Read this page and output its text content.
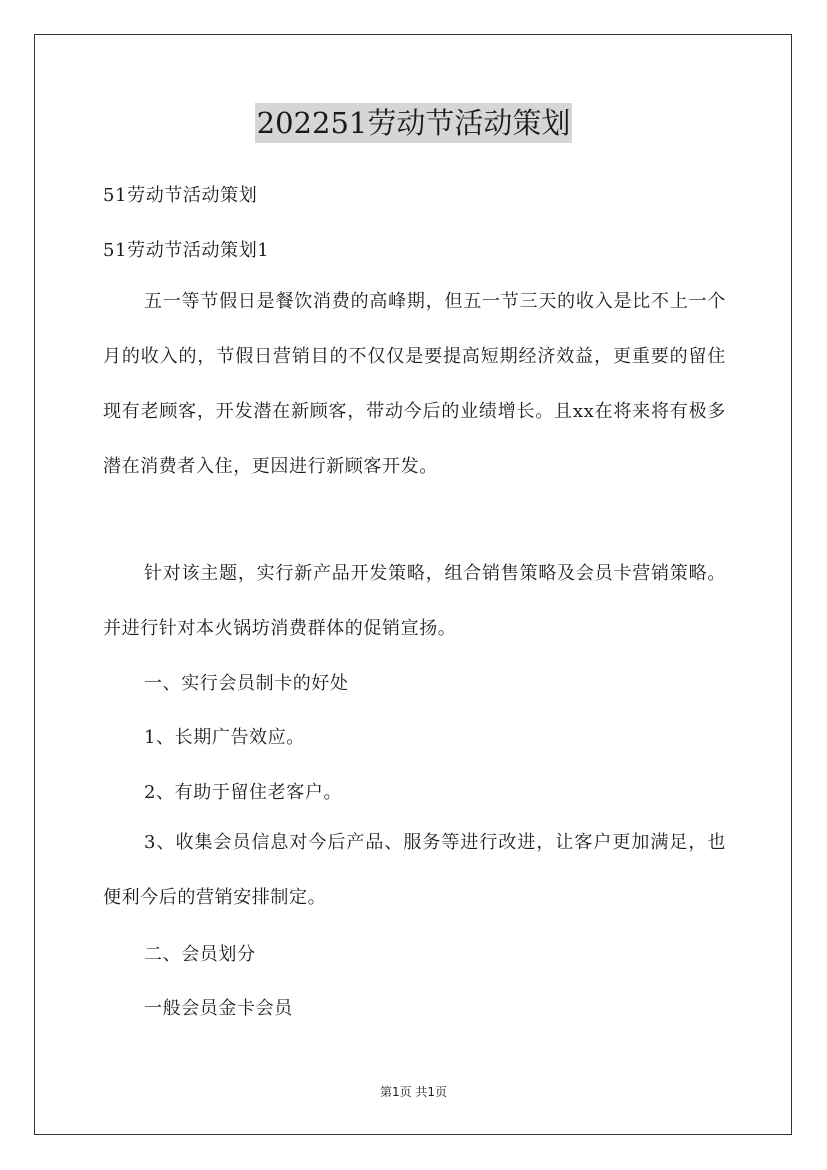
202251劳动节活动策划
51劳动节活动策划
51劳动节活动策划1
五一等节假日是餐饮消费的高峰期，但五一节三天的收入是比不上一个月的收入的，节假日营销目的不仅仅是要提高短期经济效益，更重要的留住现有老顾客，开发潜在新顾客，带动今后的业绩增长。且xx在将来将有极多潜在消费者入住，更因进行新顾客开发。
针对该主题，实行新产品开发策略，组合销售策略及会员卡营销策略。并进行针对本火锅坊消费群体的促销宣扬。
一、实行会员制卡的好处
1、长期广告效应。
2、有助于留住老客户。
3、收集会员信息对今后产品、服务等进行改进，让客户更加满足，也便利今后的营销安排制定。
二、会员划分
一般会员金卡会员
第1页 共1页
